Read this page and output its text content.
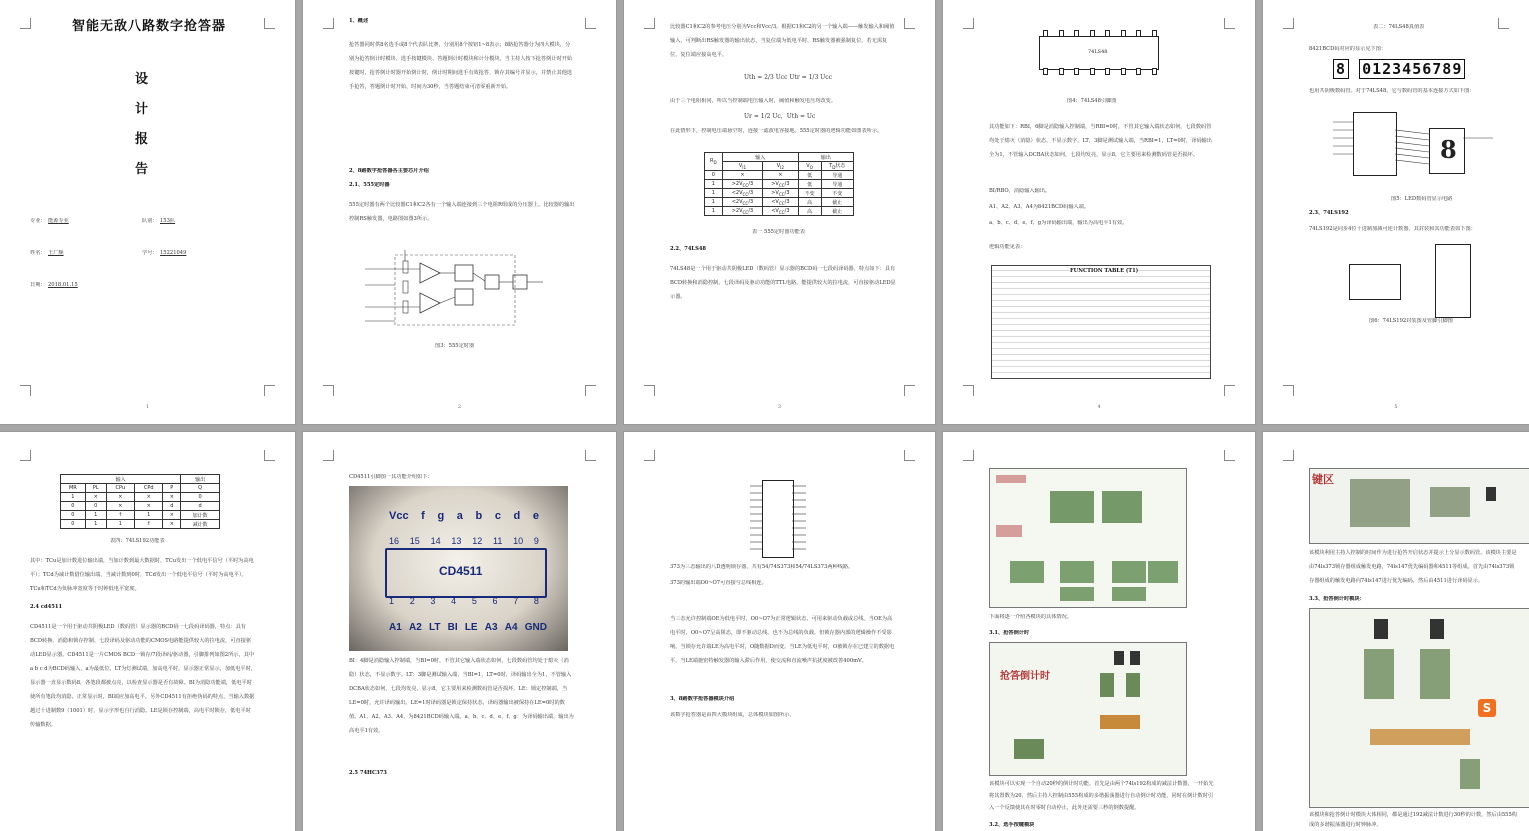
智能无敌八路数字抢答器
设
计
报
告
专业： 能源专业	队别： 153队
姓名： 王广顺	学号： 15221049
日期： 2018.01.15
1
1、概述
抢答器同时供8名选手或8个代表队比赛，分别用8个按钮1~8表示；8路抢答器分为四大模块，分别为抢答倒计时模块、选手按键模块、答题倒计时模块和计分模块。当主持人按下抢答倒计时开始按键时，抢答倒计时器开始倒计时，倒计时期间选手有效抢答，锁存其编号并显示，并禁止其他选手抢答，答题倒计时开始，时间为30秒，当答题结束可清零重新开始。
2、8路数字抢答器各主要芯片介绍
2.1、555定时器
555定时器有两个比较器C1和C2各有一个输入端连接到三个电阻R组成的分压器上。比较器的输出控制RS触发器，电路图如图3所示。
图3：555定时器
2
比较器C1和C2的参考电压分别为Vcc和Vcc/3。根据C1和C2的另一个输入端——触发输入和阈值输入，可判断出RS触发器的输出状态，当复位端为低电平时，RS触发器被强制复位，若无需复位，复位端应接高电平。
Uth = 2/3 Ucc Utr = 1/3 Ucc
由于三个电阻相同，所以当控制端电压输入时，阈值和触发电压均改变。
Ur = 1/2 Uc，Uth = Uc
在此情形下，控制电压端悬空时，连接一滤波电容接地。555定时器的逻辑功能如图表所示。
$R_D$	输入		输出	
	$V_{I1}$	$V_{I2}$	$V_O$	$T_D$状态
0	×	×	低	导通
1	$>2V_{CC}/3$	$>V_{CC}/3$	低	导通
1	$<2V_{CC}/3$	$>V_{CC}/3$	不变	不变
1	$<2V_{CC}/3$	$<V_{CC}/3$	高	截止
1	$>2V_{CC}/3$	$<V_{CC}/3$	高	截止
表一 555定时器功能表
2.2、74LS48
74LS48是一个用于驱动共阴极LED（数码管）显示器的BCD码一七段码译码器，特点如下：具有BCD转换和消隐控制、七段译码及驱动功能的TTL电路，能提供较大的拉电流，可直接驱动LED显示器。
3
74LS48
图4：74LS48引脚图
其功能如下：RBI，6脚是消隐输入控制端，当RBI=0时，不管其它输入端状态如何，七段数码管均处于熄灭（消隐）状态，不显示数字。LT，3脚是测试输入端，当RBI=1，LT=0时，译码输出全为1，不管输入DCBA状态如何，七段均发亮，显示8。它主要用来检测数码管是否损坏。
BI/RBO，消隐输入输出。
A1、A2、A3、A4为8421BCD码输入端。
a、b、c、d、e、f、g为译码输出端，输出为高电平1有效。
逻辑功能见表：
FUNCTION TABLE (T1)
4
表二：74LS48真值表
8421BCD码对应的显示见下图：
8 0123456789
也用共阴极数码管。对于74LS48，它与数码管的基本连接方式如下图：
8
图5：LED数码管显示电路
2.3、74LS192
74LS192是同步4位十进制加减可逆计数器，其封装和其功能表如下图：
图6：74LS192封装图及管脚引脚图
5
输入					输出
MR	PL	CPu	CPd	P	Q
1	×	×	×	×	0
0	0	×	×	d	d
0	1	↑	1	×	加计数
0	1	1	↑	×	减计数
表四：74LS192功能表
其中：TCu是加计数进位输出端，当加计数到最大数据时，TCu发出一个低电平信号（平时为高电平）；TCd为减计数借位输出端，当减计数到0时，TCd发出一个低电平信号（平时为高电平）。TCu和TCd为负脉冲宽度等于时钟低电平宽度。
2.4 cd4511
CD4511是一个用于驱动共阴极LED（数码管）显示器的BCD码一七段码译码器，特点：具有BCD转换、消隐和锁存控制、七段译码及驱动功能的CMOS电路能提供较大的拉电流，可直接驱动LED显示器。CD4511是一片CMOS BCD一锁存/7段译码/驱动器，引脚排列如图2所示，其中a b c d为BCD码输入，a为最低位。LT为灯测试端，加高电平时，显示器正常显示，加低电平时，显示器一直显示数码8，各笔段都被点亮，以检查显示器是否有故障。BI为消隐功能端，低电平时使所有笔段均消隐，正常显示时，BI端应加高电平。另外CD4511有拒绝伪码的特点，当输入数据越过十进制数9（1001）时，显示字形也自行消隐。LE是锁存控制端，高电平时锁存，低电平时传输数据。
CD4511引脚图一其功能介绍如下：
Vcc f g a b c d e
16 15 14 13 12 11 10 9
CD4511
1 2 3 4 5 6 7 8
A1 A2 LT BI LE A3 A4 GND
BI：4脚是消隐输入控制端，当BI=0时，不管其它输入端状态如何，七段数码管均处于熄灭（消隐）状态，不显示数字。LT：3脚是测试输入端，当BI=1，LT=0时，译码输出全为1，不管输入DCBA状态如何，七段均发亮，显示8。它主要用来检测数码管是否损坏。LE：锁定控制端，当LE=0时，允许译码输出。LE=1时译码器是锁定保持状态，译码器输出被保持在LE=0时的数值。A1、A2、A3、A4、为8421BCD码输入端。a、b、c、d、e、f、g：为译码输出端，输出为高电平1有效。
2.5 74HC373
373为三态输出的八D透明锁存器，共有54/74S373和54/74LS373两种线路。
373的输出端O0~O7可直接与总线相连。
当三态允许控制端OE为低电平时，O0~O7为正常逻辑状态，可用来驱动负载或总线。当OE为高电平时，O0~O7呈高阻态，即不驱动总线，也不为总线的负载，但锁存器内部的逻辑操作不受影响。当锁存允许端LE为高电平时，O随数据D而变。当LE为低电平时，O被锁存在已建立的数据电平。当LE端施密特触发器的输入滞后作用，使交流和直流噪声抗扰度被改善400mV。
3、8路数字抢答器模块介绍
该数字抢答器是由四大模块组成，总体模块如图所示。
下面将逐一介绍各模块的具体情况。
3.1、抢答倒计时
抢答倒计时
该模块可以实现一个自动20秒的倒计时功能。首先是由两个74ls192构成的减法计数器，一开始先将其置数为20，然后主持人控制由555构成的多谐振荡器进行自动倒计时功能，同时在倒计数时引入一个反馈使其在时零时自动停止，此外还需要三秒的倒数提醒。
3.2、选手按键模块
键区
该模块利用主持人控制的时间作为进行抢答开启状态并提示上分显示数码管。该模块主要是由74ls373锁存器组成触发电路，74ls147优先编码器和4511等组成。首先由74ls373锁存器组成的触发电路向74ls147进行优先编码，然后由4511进行译码显示。
3.3、抢答倒计时模块：
S
该模块和抢答倒计时模块大体相同，都是通过192减法计数进行30秒的计数，然后由555构成的多谐振荡器进行时钟脉冲。
